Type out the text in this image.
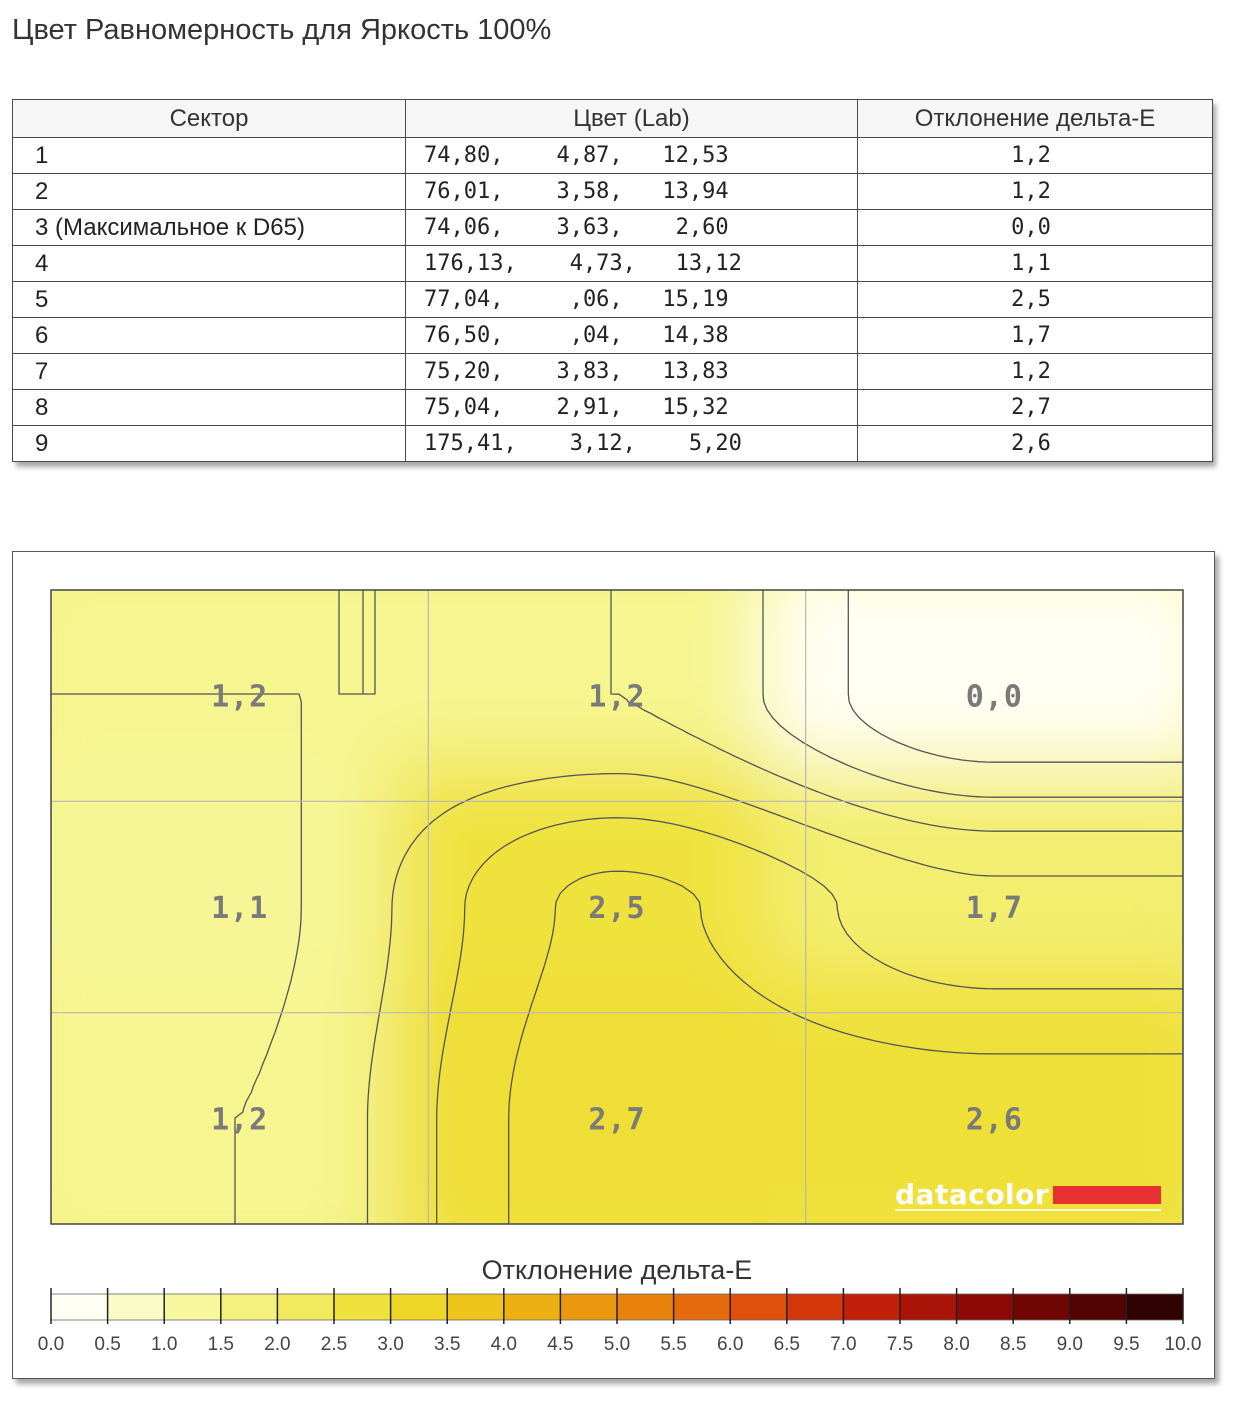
Цвет Равномерность для Яркость 100%
Сектор	Цвет (Lab)	Отклонение дельта-E
1	74,80,    4,87,   12,53	1,2
2	76,01,    3,58,   13,94	1,2
3 (Максимальное к D65)	74,06,    3,63,    2,60	0,0
4	176,13,    4,73,   13,12	1,1
5	77,04,     ,06,   15,19	2,5
6	76,50,     ,04,   14,38	1,7
7	75,20,    3,83,   13,83	1,2
8	75,04,    2,91,   15,32	2,7
9	175,41,    3,12,    5,20	2,6
1,2	1,2	0,0
1,1	2,5	1,7
1,2	2,7	2,6
datacolor
Отклонение дельта-E
0.0 0.5 1.0 1.5 2.0 2.5 3.0 3.5 4.0 4.5 5.0 5.5 6.0 6.5 7.0 7.5 8.0 8.5 9.0 9.5 10.0
